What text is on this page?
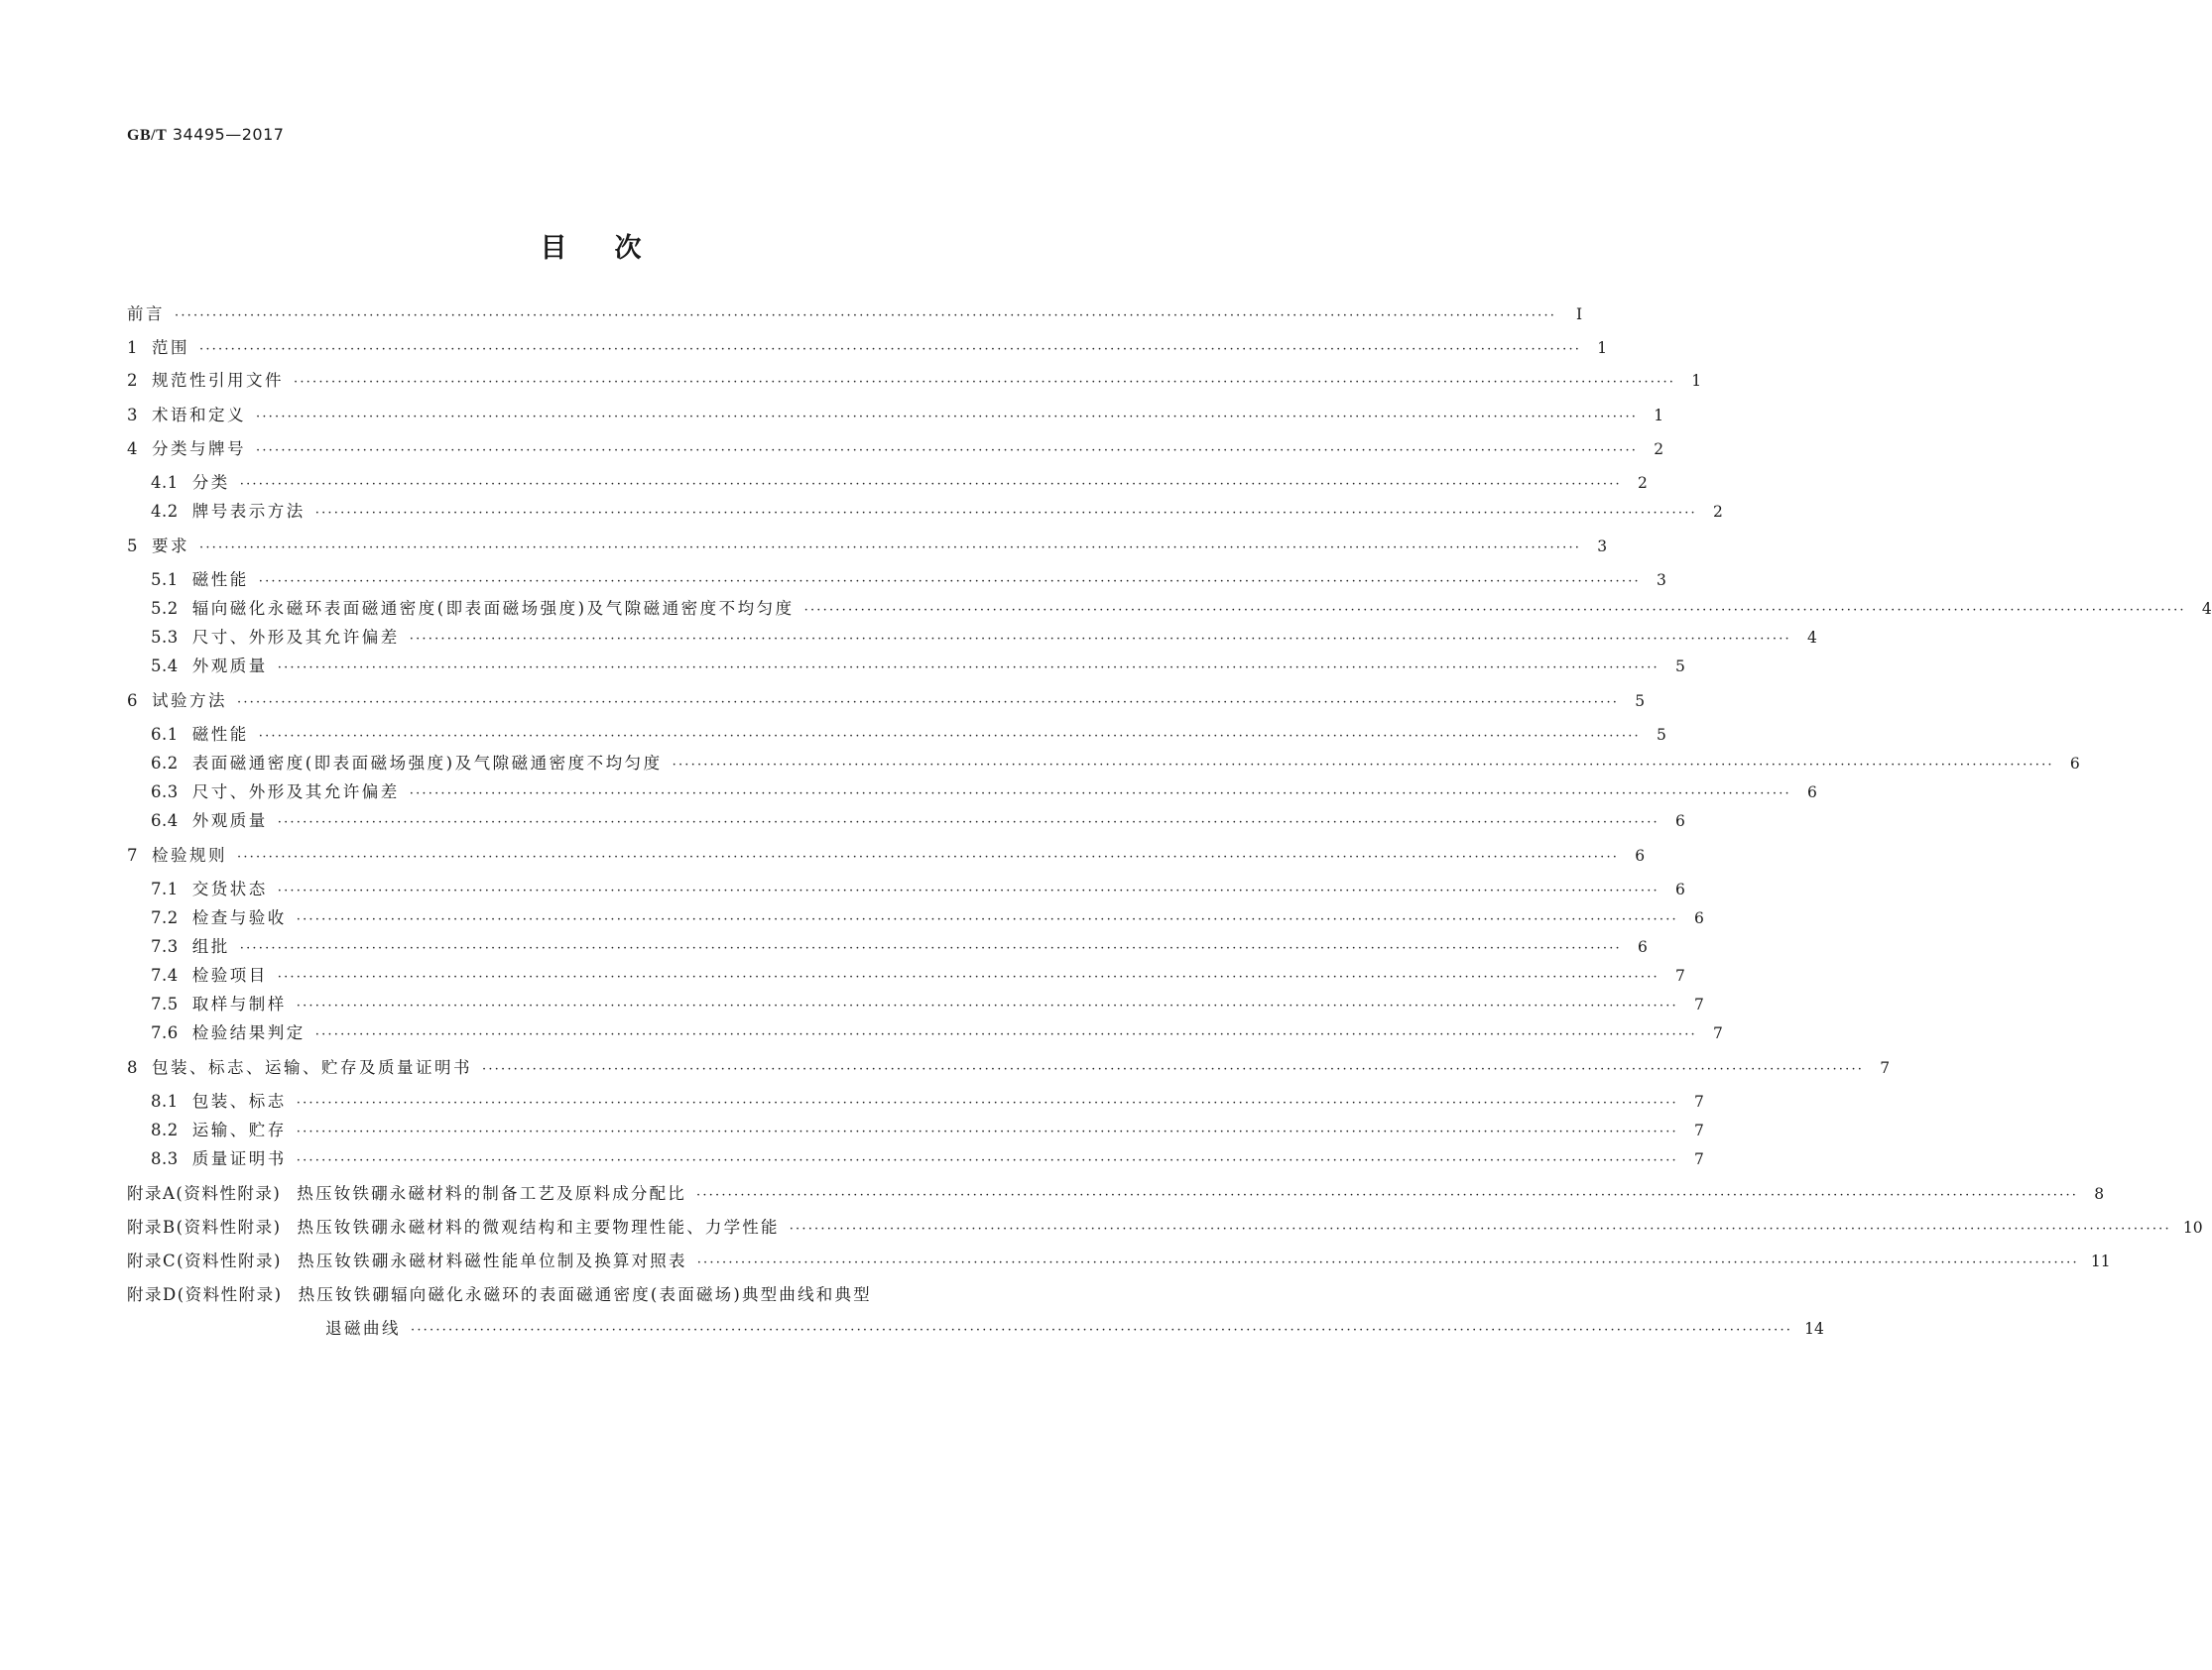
GB/T 34495—2017
目次
前言 ····························································································································································································································	Ⅰ
1 范围 ···························································································································································································································· 1
2 规范性引用文件 ···························································································································································································································· 1
3 术语和定义 ···························································································································································································································· 1
4 分类与牌号 ···························································································································································································································· 2
4.1 分类 ···························································································································································································································· 2
4.2 牌号表示方法 ···························································································································································································································· 2
5 要求 ···························································································································································································································· 3
5.1 磁性能 ···························································································································································································································· 3
5.2 辐向磁化永磁环表面磁通密度(即表面磁场强度)及气隙磁通密度不均匀度 ···························································································································································································································· 4
5.3 尺寸、外形及其允许偏差 ···························································································································································································································· 4
5.4 外观质量 ···························································································································································································································· 5
6 试验方法 ···························································································································································································································· 5
6.1 磁性能 ···························································································································································································································· 5
6.2 表面磁通密度(即表面磁场强度)及气隙磁通密度不均匀度 ···························································································································································································································· 6
6.3 尺寸、外形及其允许偏差 ···························································································································································································································· 6
6.4 外观质量 ···························································································································································································································· 6
7 检验规则 ···························································································································································································································· 6
7.1 交货状态 ···························································································································································································································· 6
7.2 检查与验收 ···························································································································································································································· 6
7.3 组批 ···························································································································································································································· 6
7.4 检验项目 ···························································································································································································································· 7
7.5 取样与制样 ···························································································································································································································· 7
7.6 检验结果判定 ···························································································································································································································· 7
8 包装、标志、运输、贮存及质量证明书 ···························································································································································································································· 7
8.1 包装、标志 ···························································································································································································································· 7
8.2 运输、贮存 ···························································································································································································································· 7
8.3 质量证明书 ···························································································································································································································· 7
附录A(资料性附录) 热压钕铁硼永磁材料的制备工艺及原料成分配比 ···························································································································································································································· 8
附录B(资料性附录) 热压钕铁硼永磁材料的微观结构和主要物理性能、力学性能 ···························································································································································································································· 10
附录C(资料性附录) 热压钕铁硼永磁材料磁性能单位制及换算对照表 ···························································································································································································································· 11
附录D(资料性附录) 热压钕铁硼辐向磁化永磁环的表面磁通密度(表面磁场)典型曲线和典型
退磁曲线 ···························································································································································································································· 14
